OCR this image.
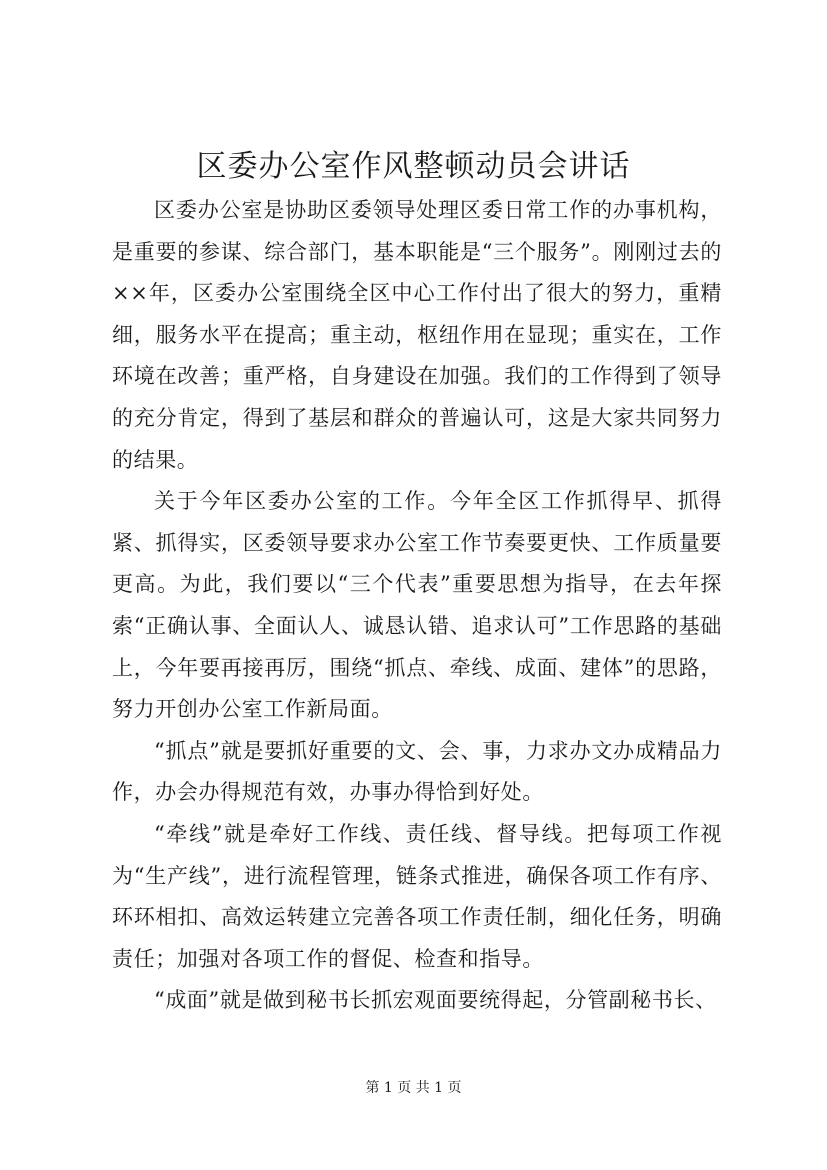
区委办公室作风整顿动员会讲话

区委办公室是协助区委领导处理区委日常工作的办事机构，是重要的参谋、综合部门，基本职能是“三个服务”。刚刚过去的××年，区委办公室围绕全区中心工作付出了很大的努力，重精细，服务水平在提高；重主动，枢纽作用在显现；重实在，工作环境在改善；重严格，自身建设在加强。我们的工作得到了领导的充分肯定，得到了基层和群众的普遍认可，这是大家共同努力的结果。

关于今年区委办公室的工作。今年全区工作抓得早、抓得紧、抓得实，区委领导要求办公室工作节奏要更快、工作质量要更高。为此，我们要以“三个代表”重要思想为指导，在去年探索“正确认事、全面认人、诚恳认错、追求认可”工作思路的基础上，今年要再接再厉，围绕“抓点、牵线、成面、建体”的思路，努力开创办公室工作新局面。

“抓点”就是要抓好重要的文、会、事，力求办文办成精品力作，办会办得规范有效，办事办得恰到好处。

“牵线”就是牵好工作线、责任线、督导线。把每项工作视为“生产线”，进行流程管理，链条式推进，确保各项工作有序、环环相扣、高效运转建立完善各项工作责任制，细化任务，明确责任；加强对各项工作的督促、检查和指导。

“成面”就是做到秘书长抓宏观面要统得起，分管副秘书长、

第 1 页 共 1 页
